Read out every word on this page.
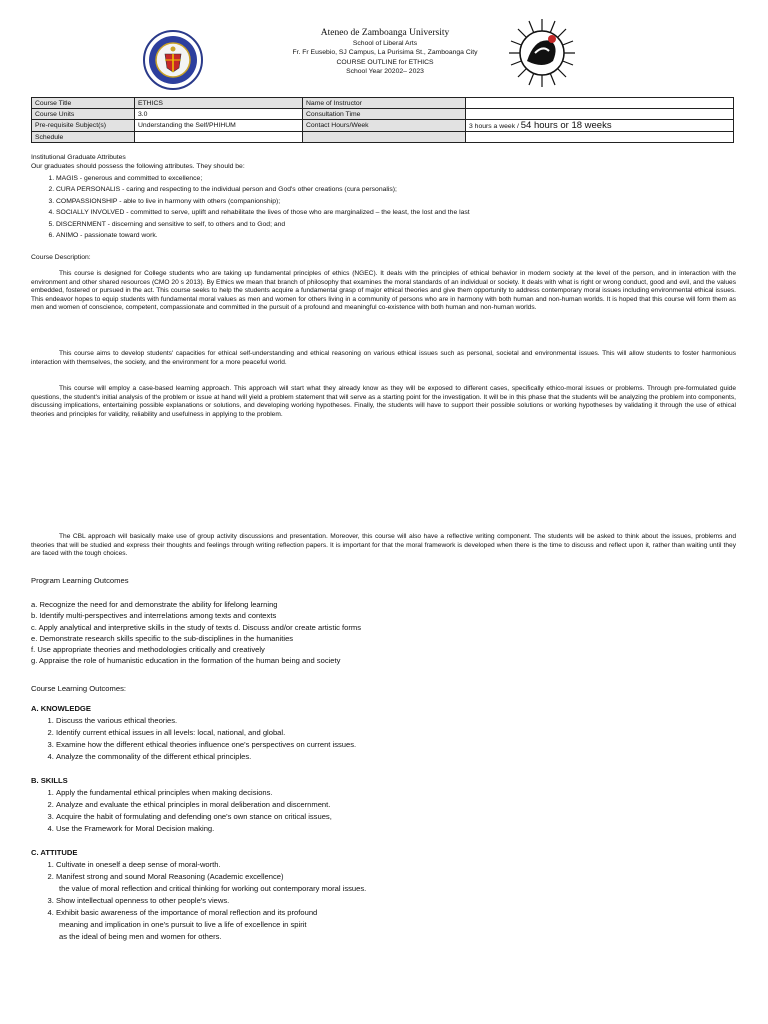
Ateneo de Zamboanga University
School of Liberal Arts
Fr. Fr Eusebio, SJ Campus, La Purisima St., Zamboanga City
COURSE OUTLINE for ETHICS
School Year 20202– 2023
Course Title	ETHICS	Name of Instructor	
Course Units	3.0	Consultation Time	
Pre-requisite Subject(s)	Understanding the Self/PHIHUM	Contact Hours/Week	3 hours a week / 54 hours or 18 weeks
Schedule			
Institutional Graduate Attributes
Our graduates should possess the following attributes. They should be:
1. MAGIS - generous and committed to excellence;
2. CURA PERSONALIS - caring and respecting to the individual person and God's other creations (cura personalis);
3. COMPASSIONSHIP - able to live in harmony with others (companionship);
4. SOCIALLY INVOLVED - committed to serve, uplift and rehabilitate the lives of those who are marginalized – the least, the lost and the last
5. DISCERNMENT - discerning and sensitive to self, to others and to God; and
6. ANIMO - passionate toward work.
Course Description:
This course is designed for College students who are taking up fundamental principles of ethics (NGEC). It deals with the principles of ethical behavior in modern society at the level of the person, and in interaction with the environment and other shared resources (CMO 20 s 2013). By Ethics we mean that branch of philosophy that examines the moral standards of an individual or society. It deals with what is right or wrong conduct, good and evil, and the values embedded, fostered or pursued in the act. This course seeks to help the students acquire a fundamental grasp of major ethical theories and give them opportunity to address contemporary moral issues including environmental ethical issues. This endeavor hopes to equip students with fundamental moral values as men and women for others living in a community of persons who are in harmony with both human and non-human worlds. It is hoped that this course will form them as men and women of conscience, competent, compassionate and committed in the pursuit of a profound and meaningful co-existence with both human and non-human worlds.
This course aims to develop students' capacities for ethical self-understanding and ethical reasoning on various ethical issues such as personal, societal and environmental issues. This will allow students to foster harmonious interaction with themselves, the society, and the environment for a more peaceful world.
This course will employ a case-based learning approach. This approach will start what they already know as they will be exposed to different cases, specifically ethico-moral issues or problems. Through pre-formulated guide questions, the student's initial analysis of the problem or issue at hand will yield a problem statement that will serve as a starting point for the investigation. It will be in this phase that the students will be analyzing the problem into components, discussing implications, entertaining possible explanations or solutions, and developing working hypotheses. Finally, the students will have to support their possible solutions or working hypotheses by validating it through the use of ethical theories and principles for validity, reliability and usefulness in applying to the problem.
The CBL approach will basically make use of group activity discussions and presentation. Moreover, this course will also have a reflective writing component. The students will be asked to think about the issues, problems and theories that will be studied and express their thoughts and feelings through writing reflection papers. It is important for that the moral framework is developed when there is the time to discuss and reflect upon it, rather than waiting until they are faced with the tough choices.
Program Learning Outcomes
a. Recognize the need for and demonstrate the ability for lifelong learning
b. Identify multi-perspectives and interrelations among texts and contexts
c. Apply analytical and interpretive skills in the study of texts d. Discuss and/or create artistic forms
e. Demonstrate research skills specific to the sub-disciplines in the humanities
f. Use appropriate theories and methodologies critically and creatively
g. Appraise the role of humanistic education in the formation of the human being and society
Course Learning Outcomes:
A. KNOWLEDGE
1. Discuss the various ethical theories.
2. Identify current ethical issues in all levels: local, national, and global.
3. Examine how the different ethical theories influence one's perspectives on current issues.
4. Analyze the commonality of the different ethical principles.
B. SKILLS
1. Apply the fundamental ethical principles when making decisions.
2. Analyze and evaluate the ethical principles in moral deliberation and discernment.
3. Acquire the habit of formulating and defending one's own stance on critical issues,
4. Use the Framework for Moral Decision making.
C. ATTITUDE
1. Cultivate in oneself a deep sense of moral-worth.
2. Manifest strong and sound Moral Reasoning (Academic excellence)
the value of moral reflection and critical thinking for working out contemporary moral issues.
3. Show intellectual openness to other people's views.
4. Exhibit basic awareness of the importance of moral reflection and its profound
meaning and implication in one's pursuit to live a life of excellence in spirit
as the ideal of being men and women for others.
